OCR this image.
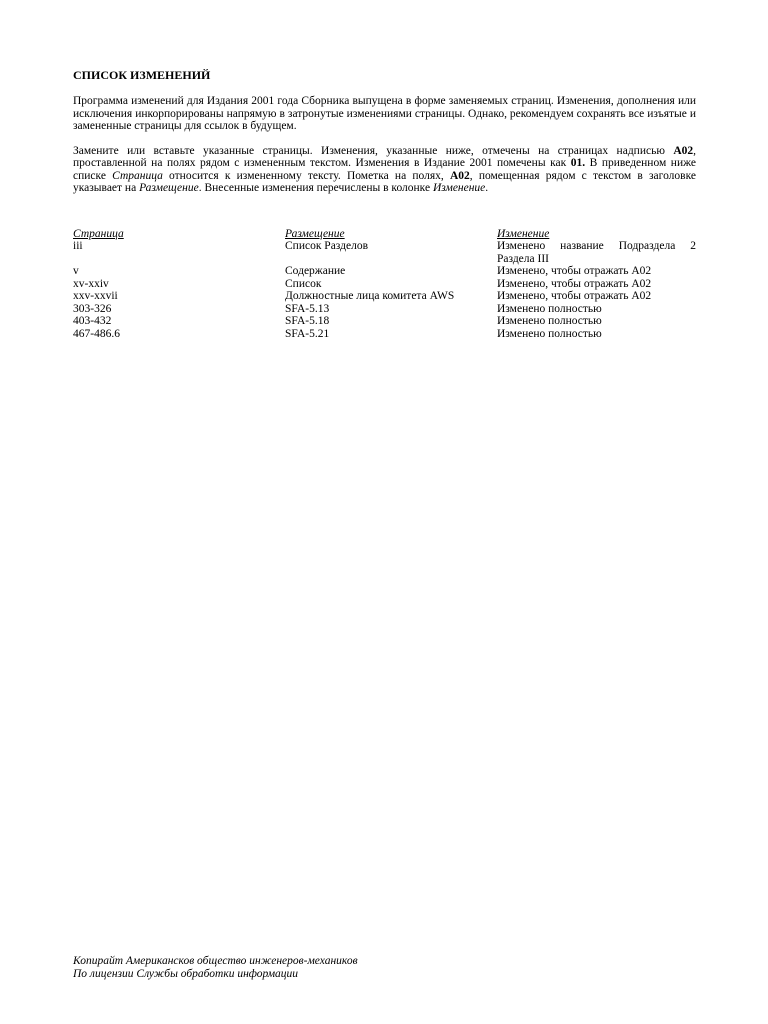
СПИСОК ИЗМЕНЕНИЙ

Программа изменений для Издания 2001 года Сборника выпущена в форме заменяемых страниц. Изменения, дополнения или исключения инкорпорированы напрямую в затронутые изменениями страницы. Однако, рекомендуем сохранять все изъятые и замененные страницы для ссылок в будущем.

Замените или вставьте указанные страницы. Изменения, указанные ниже, отмечены на страницах надписью A02, проставленной на полях рядом с измененным текстом. Изменения в Издание 2001 помечены как 01. В приведенном ниже списке Страница относится к измененному тексту. Пометка на полях, A02, помещенная рядом с текстом в заголовке указывает на Размещение. Внесенные изменения перечислены в колонке Изменение.

Страница	Размещение	Изменение
iii	Список Разделов	Изменено название Подраздела 2 Раздела III
v	Содержание	Изменено, чтобы отражать A02
xv-xxiv	Список	Изменено, чтобы отражать A02
xxv-xxvii	Должностные лица комитета AWS	Изменено, чтобы отражать A02
303-326	SFA-5.13	Изменено полностью
403-432	SFA-5.18	Изменено полностью
467-486.6	SFA-5.21	Изменено полностью
Копирайт Американсков общество инженеров-механиков
По лицензии Службы обработки информации
